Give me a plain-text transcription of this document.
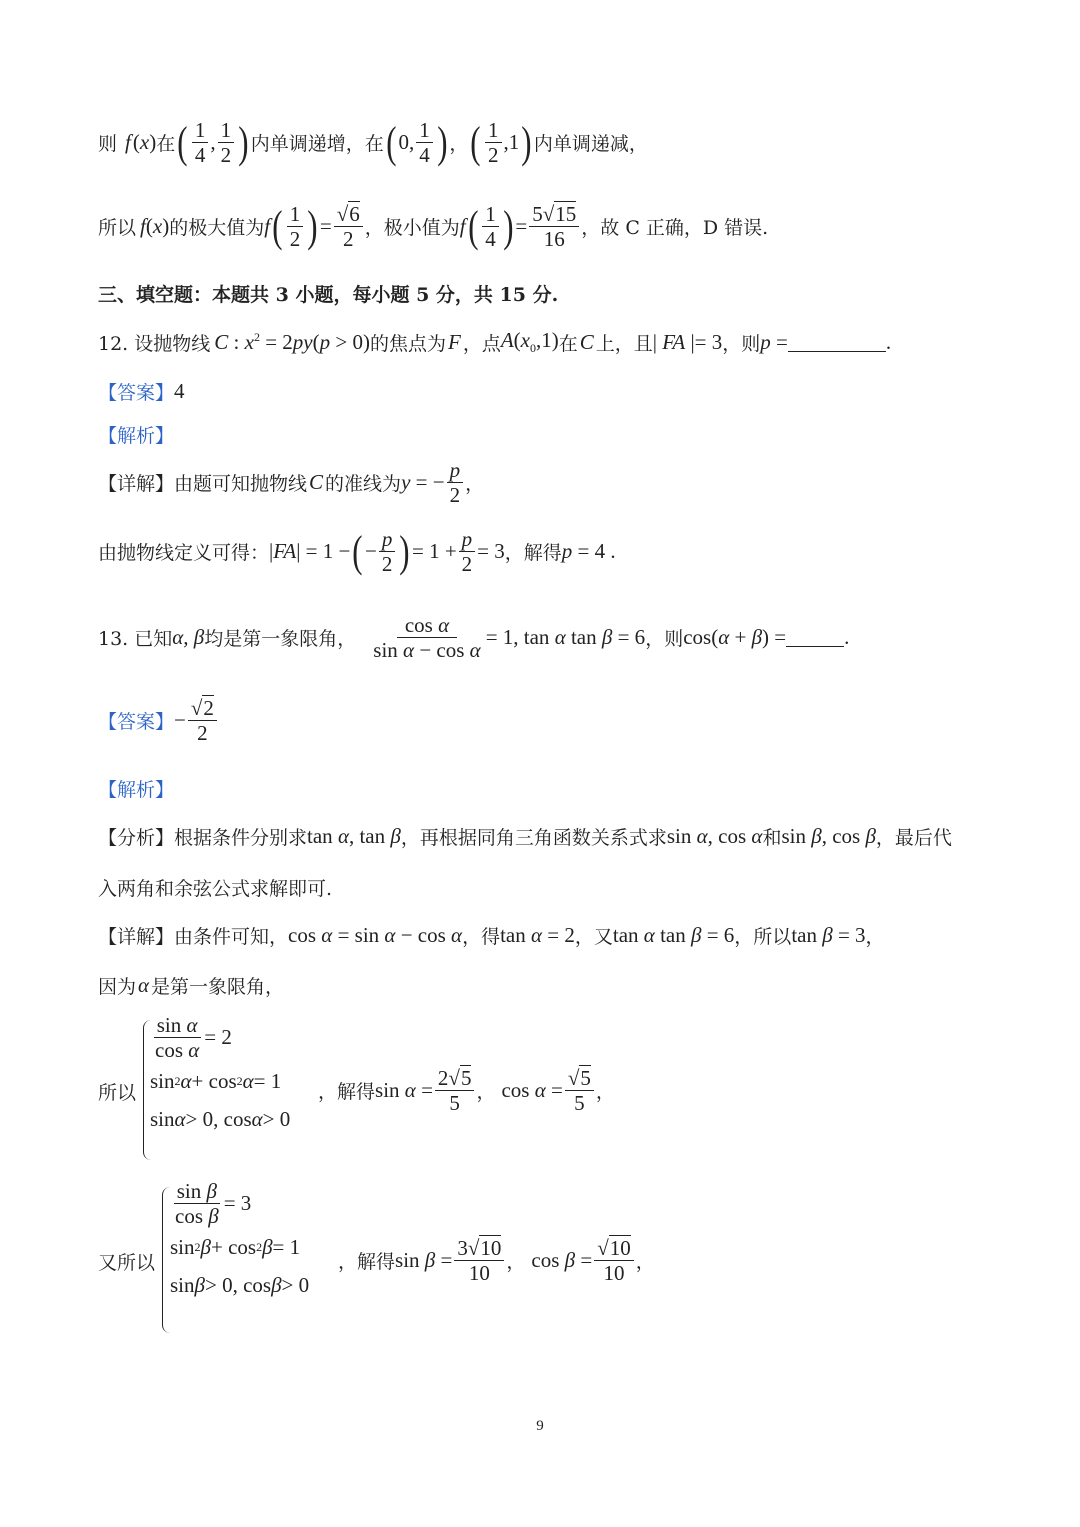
则 f ( x ) 在 ( $\frac{1}{4}$ , $\frac{1}{2}$ ) 内单调递增，在 ( 0, $\frac{1}{4}$ ) ， ( $\frac{1}{2} ,1$ ) 内单调递减，
所以 f ( x ) 的极大值为 f ( $\frac{1}{2}$ ) = $\frac{√6}{2}$ ，极小值为 f ( $\frac{1}{4}$ ) = $\frac{5√15}{16}$ ，故 C 正确，D 错误.
三、填空题：本题共 3 小题，每小题 5 分，共 15 分.
12. 设抛物线 C : $x^2 = 2py(p > 0)$ 的焦点为 F ，点 $A(x_0,1)$ 在 C 上，且 | FA |= 3 ，则 p =	.
【答案】 4
【解析】
【详解】 由题可知抛物线 C 的准线为 y = − $\frac{p}{2}$ ，
由抛物线定义可得： |FA| = 1 − ( − $\frac{p}{2}$ ) = $1 + \frac{p}{2} = 3$ ，解得 p = 4 .
13. 已知 α, β 均是第一象限角， $\frac{\text{cos α}}{\text{sin α − cos α}} = 1$, tan α tan β = 6 ，则 cos(α + β) =	.
【答案】 − $\frac{√2}{2}$
【解析】
【分析】 根据条件分别求 tan α, tan β ，再根据同角三角函数关系式求 sin α, cos α 和 sin β, cos β ，最后代
入两角和余弦公式求解即可.
【详解】 由条件可知， cos α = sin α − cos α ，得 tan α = 2 ，又 tan α tan β = 6 ，所以 tan β = 3 ，
因为 α 是第一象限角，
所以
$\frac{\text{sin α}}{\text{cos α}} = 2$
sin 2 α + cos 2 α = 1
sin α > 0, cos α > 0
，解得 $\sin \alpha = \frac{2√5}{5}$ ， $\cos \alpha = \frac{√5}{5}$ ，
又所以
$\frac{\text{sin β}}{\text{cos β}} = 3$
sin 2 β + cos 2 β = 1
sin β > 0, cos β > 0
，解得 $\sin \beta = \frac{3√10}{10}$ ， $\cos \beta = \frac{√10}{10}$ ，
9
